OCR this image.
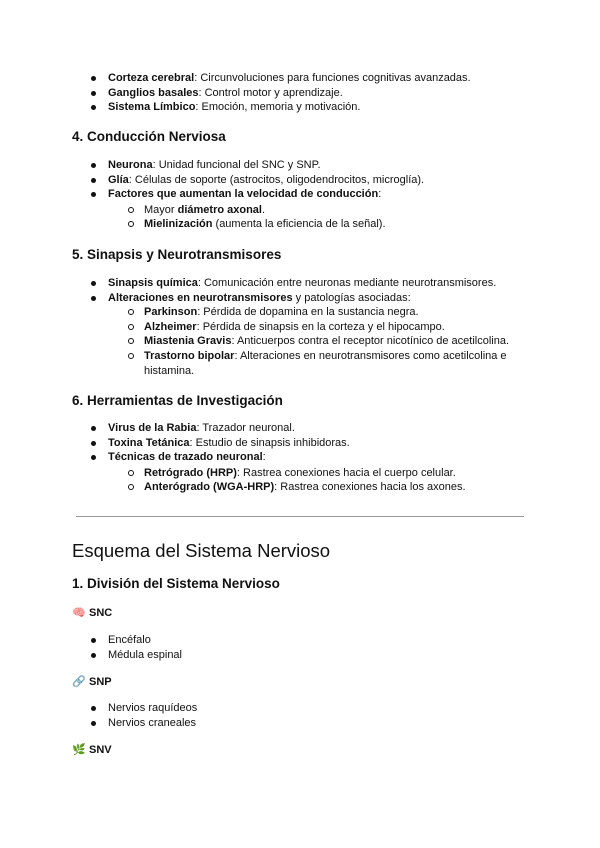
Corteza cerebral: Circunvoluciones para funciones cognitivas avanzadas.
Ganglios basales: Control motor y aprendizaje.
Sistema Límbico: Emoción, memoria y motivación.
4. Conducción Nerviosa
Neurona: Unidad funcional del SNC y SNP.
Glía: Células de soporte (astrocitos, oligodendrocitos, microglía).
Factores que aumentan la velocidad de conducción:
Mayor diámetro axonal.
Mielinización (aumenta la eficiencia de la señal).
5. Sinapsis y Neurotransmisores
Sinapsis química: Comunicación entre neuronas mediante neurotransmisores.
Alteraciones en neurotransmisores y patologías asociadas:
Parkinson: Pérdida de dopamina en la sustancia negra.
Alzheimer: Pérdida de sinapsis en la corteza y el hipocampo.
Miastenia Gravis: Anticuerpos contra el receptor nicotínico de acetilcolina.
Trastorno bipolar: Alteraciones en neurotransmisores como acetilcolina e histamina.
6. Herramientas de Investigación
Virus de la Rabia: Trazador neuronal.
Toxina Tetánica: Estudio de sinapsis inhibidoras.
Técnicas de trazado neuronal:
Retrógrado (HRP): Rastrea conexiones hacia el cuerpo celular.
Anterógrado (WGA-HRP): Rastrea conexiones hacia los axones.
Esquema del Sistema Nervioso
1. División del Sistema Nervioso
🧠 SNC
Encéfalo
Médula espinal
🔗 SNP
Nervios raquídeos
Nervios craneales
🌿 SNV
